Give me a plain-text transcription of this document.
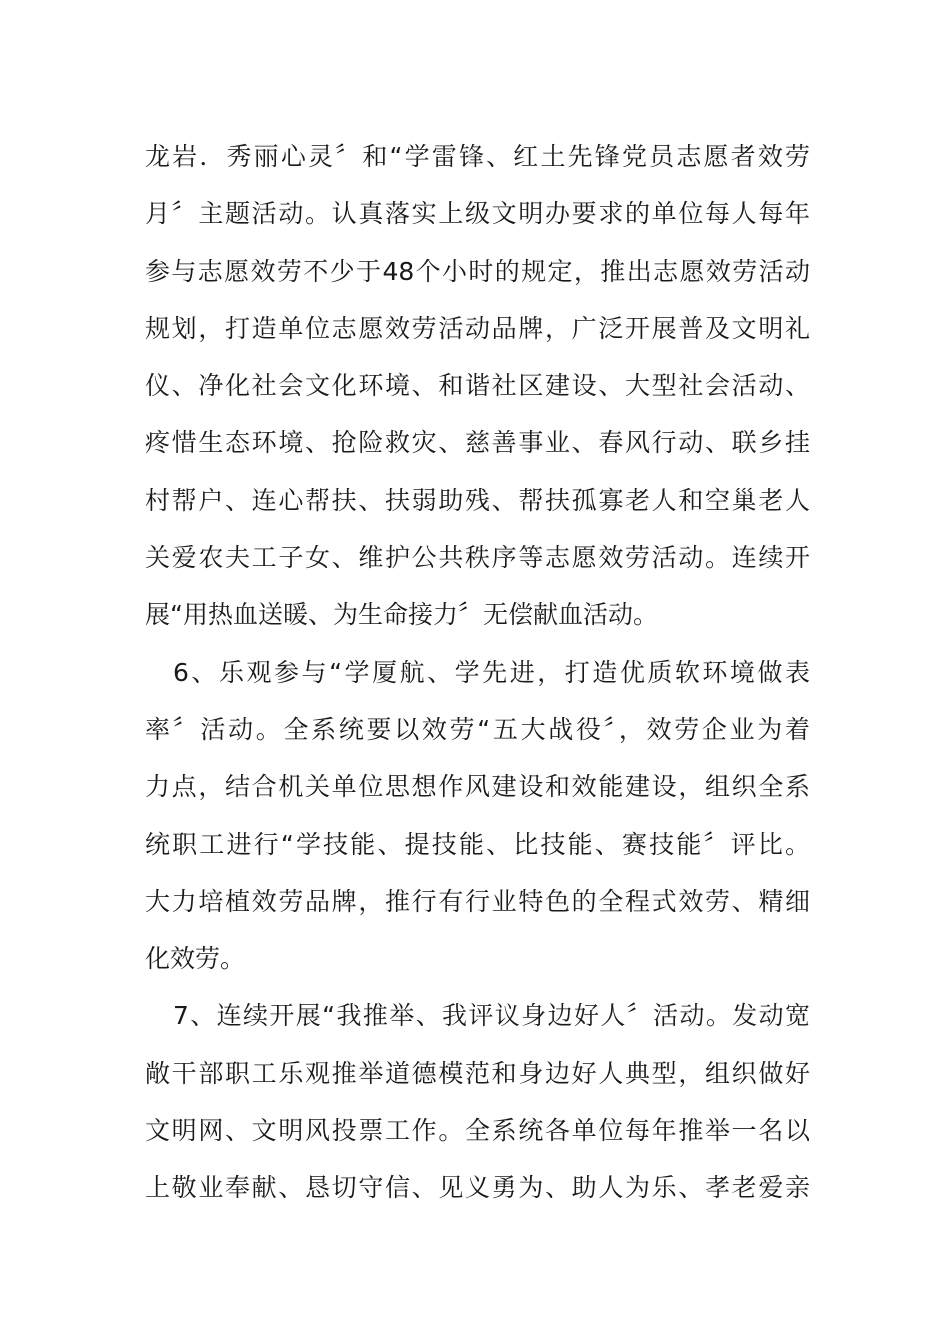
龙岩．秀丽心灵〞和“学雷锋、红土先锋党员志愿者效劳
月〞主题活动。认真落实上级文明办要求的单位每人每年
参与志愿效劳不少于48个小时的规定，推出志愿效劳活动
规划，打造单位志愿效劳活动品牌，广泛开展普及文明礼
仪、净化社会文化环境、和谐社区建设、大型社会活动、
疼惜生态环境、抢险救灾、慈善事业、春风行动、联乡挂
村帮户、连心帮扶、扶弱助残、帮扶孤寡老人和空巢老人
关爱农夫工子女、维护公共秩序等志愿效劳活动。连续开
展“用热血送暖、为生命接力〞无偿献血活动。
6、乐观参与“学厦航、学先进，打造优质软环境做表
率〞活动。全系统要以效劳“五大战役〞，效劳企业为着
力点，结合机关单位思想作风建设和效能建设，组织全系
统职工进行“学技能、提技能、比技能、赛技能〞评比。
大力培植效劳品牌，推行有行业特色的全程式效劳、精细
化效劳。
7、连续开展“我推举、我评议身边好人〞活动。发动宽
敞干部职工乐观推举道德模范和身边好人典型，组织做好
文明网、文明风投票工作。全系统各单位每年推举一名以
上敬业奉献、恳切守信、见义勇为、助人为乐、孝老爱亲
